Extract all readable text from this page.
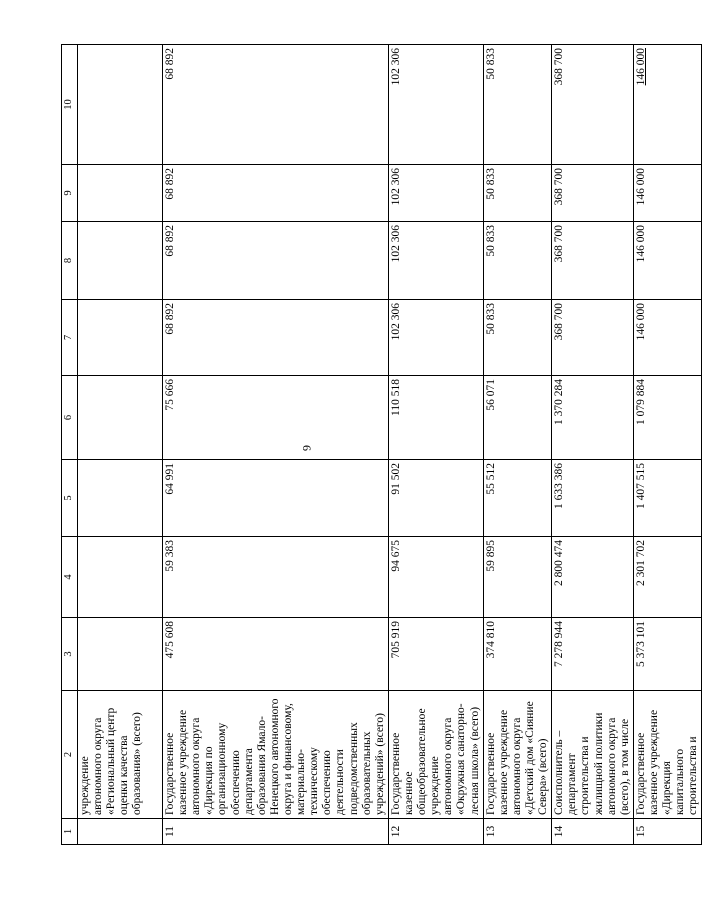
6
1	2	3	4	5	6	7	8	9	10
	учреждение автономного округа «Региональный центр оценки качества образования» (всего)								
11	Государственное казенное учреждение автономного округа «Дирекция по организационному обеспечению департамента образования Ямало-Ненецкого автономного округа и финансовому, материально-техническому обеспечению деятельности подведомственных образовательных учреждений» (всего)	475 608	59 383	64 991	75 666	68 892	68 892	68 892	68 892
12	Государственное казенное общеобразовательное учреждение автономного округа «Окружная санаторно-лесная школа» (всего)	705 919	94 675	91 502	110 518	102 306	102 306	102 306	102 306
13	Государственное казенное учреждение автономного округа «Детский дом «Сияние Севера» (всего)	374 810	59 895	55 512	56 071	50 833	50 833	50 833	50 833
14	Соисполнитель – департамент строительства и жилищной политики автономного округа (всего), в том числе	7 278 944	2 800 474	1 633 386	1 370 284	368 700	368 700	368 700	368 700
15	Государственное казенное учреждение «Дирекция капитального строительства и	5 373 101	2 301 702	1 407 515	1 079 884	146 000	146 000	146 000	146 000
